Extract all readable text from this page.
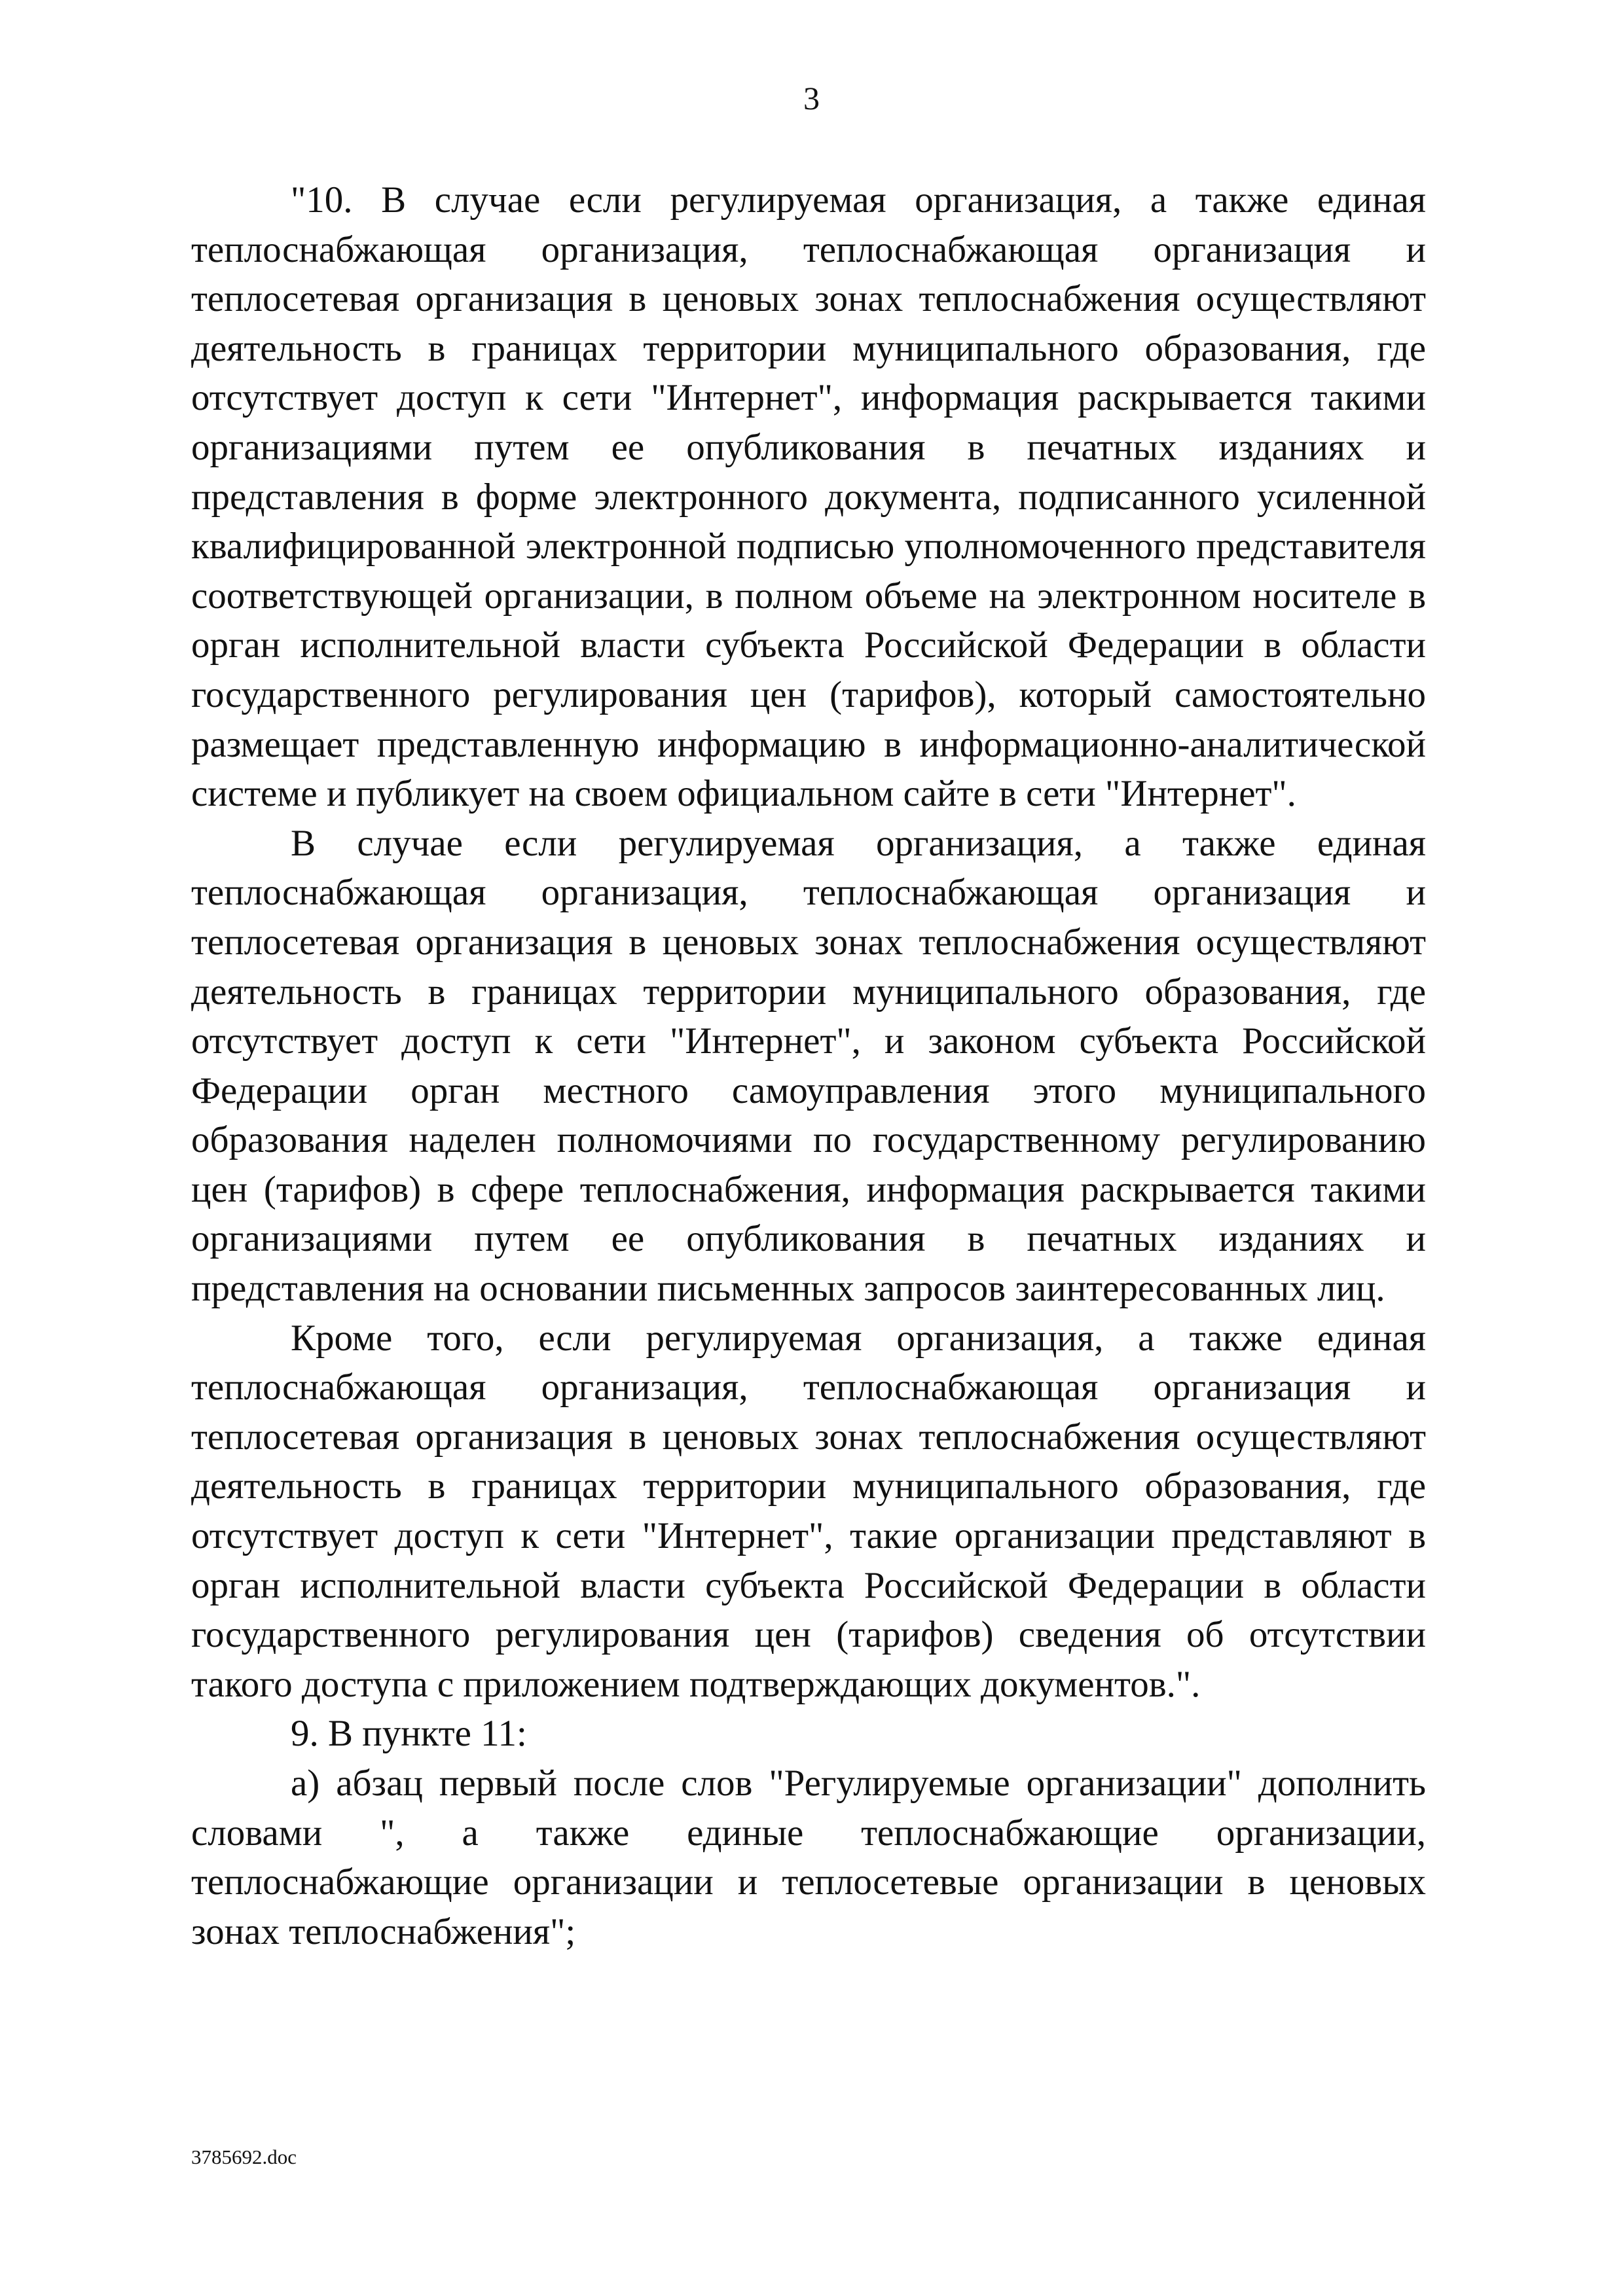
3

"10. В случае если регулируемая организация, а также единая теплоснабжающая организация, теплоснабжающая организация и теплосетевая организация в ценовых зонах теплоснабжения осуществляют деятельность в границах территории муниципального образования, где отсутствует доступ к сети "Интернет", информация раскрывается такими организациями путем ее опубликования в печатных изданиях и представления в форме электронного документа, подписанного усиленной квалифицированной электронной подписью уполномоченного представителя соответствующей организации, в полном объеме на электронном носителе в орган исполнительной власти субъекта Российской Федерации в области государственного регулирования цен (тарифов), который самостоятельно размещает представленную информацию в информационно-аналитической системе и публикует на своем официальном сайте в сети "Интернет".

В случае если регулируемая организация, а также единая теплоснабжающая организация, теплоснабжающая организация и теплосетевая организация в ценовых зонах теплоснабжения осуществляют деятельность в границах территории муниципального образования, где отсутствует доступ к сети "Интернет", и законом субъекта Российской Федерации орган местного самоуправления этого муниципального образования наделен полномочиями по государственному регулированию цен (тарифов) в сфере теплоснабжения, информация раскрывается такими организациями путем ее опубликования в печатных изданиях и представления на основании письменных запросов заинтересованных лиц.

Кроме того, если регулируемая организация, а также единая теплоснабжающая организация, теплоснабжающая организация и теплосетевая организация в ценовых зонах теплоснабжения осуществляют деятельность в границах территории муниципального образования, где отсутствует доступ к сети "Интернет", такие организации представляют в орган исполнительной власти субъекта Российской Федерации в области государственного регулирования цен (тарифов) сведения об отсутствии такого доступа с приложением подтверждающих документов.".

9. В пункте 11:

а) абзац первый после слов "Регулируемые организации" дополнить словами ", а также единые теплоснабжающие организации, теплоснабжающие организации и теплосетевые организации в ценовых зонах теплоснабжения";

3785692.doc
